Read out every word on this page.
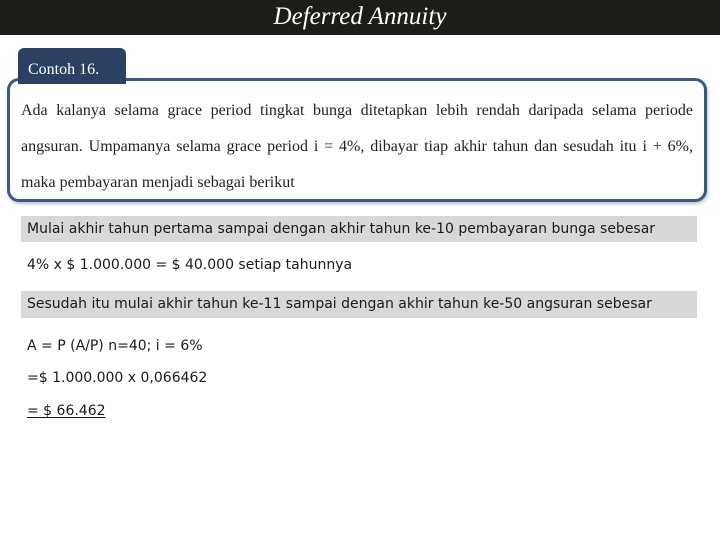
Deferred Annuity
Contoh 16.

Ada kalanya selama grace period tingkat bunga ditetapkan lebih rendah daripada selama periode angsuran. Umpamanya selama grace period i = 4%, dibayar tiap akhir tahun dan sesudah itu i + 6%, maka pembayaran menjadi sebagai berikut

Mulai akhir tahun pertama sampai dengan akhir tahun ke-10 pembayaran bunga sebesar
4% x $ 1.000.000 = $ 40.000 setiap tahunnya
Sesudah itu mulai akhir tahun ke-11 sampai dengan akhir tahun ke-50 angsuran sebesar
A = P (A/P) n=40; i = 6%
=$ 1.000.000 x 0,066462
= $ 66.462
